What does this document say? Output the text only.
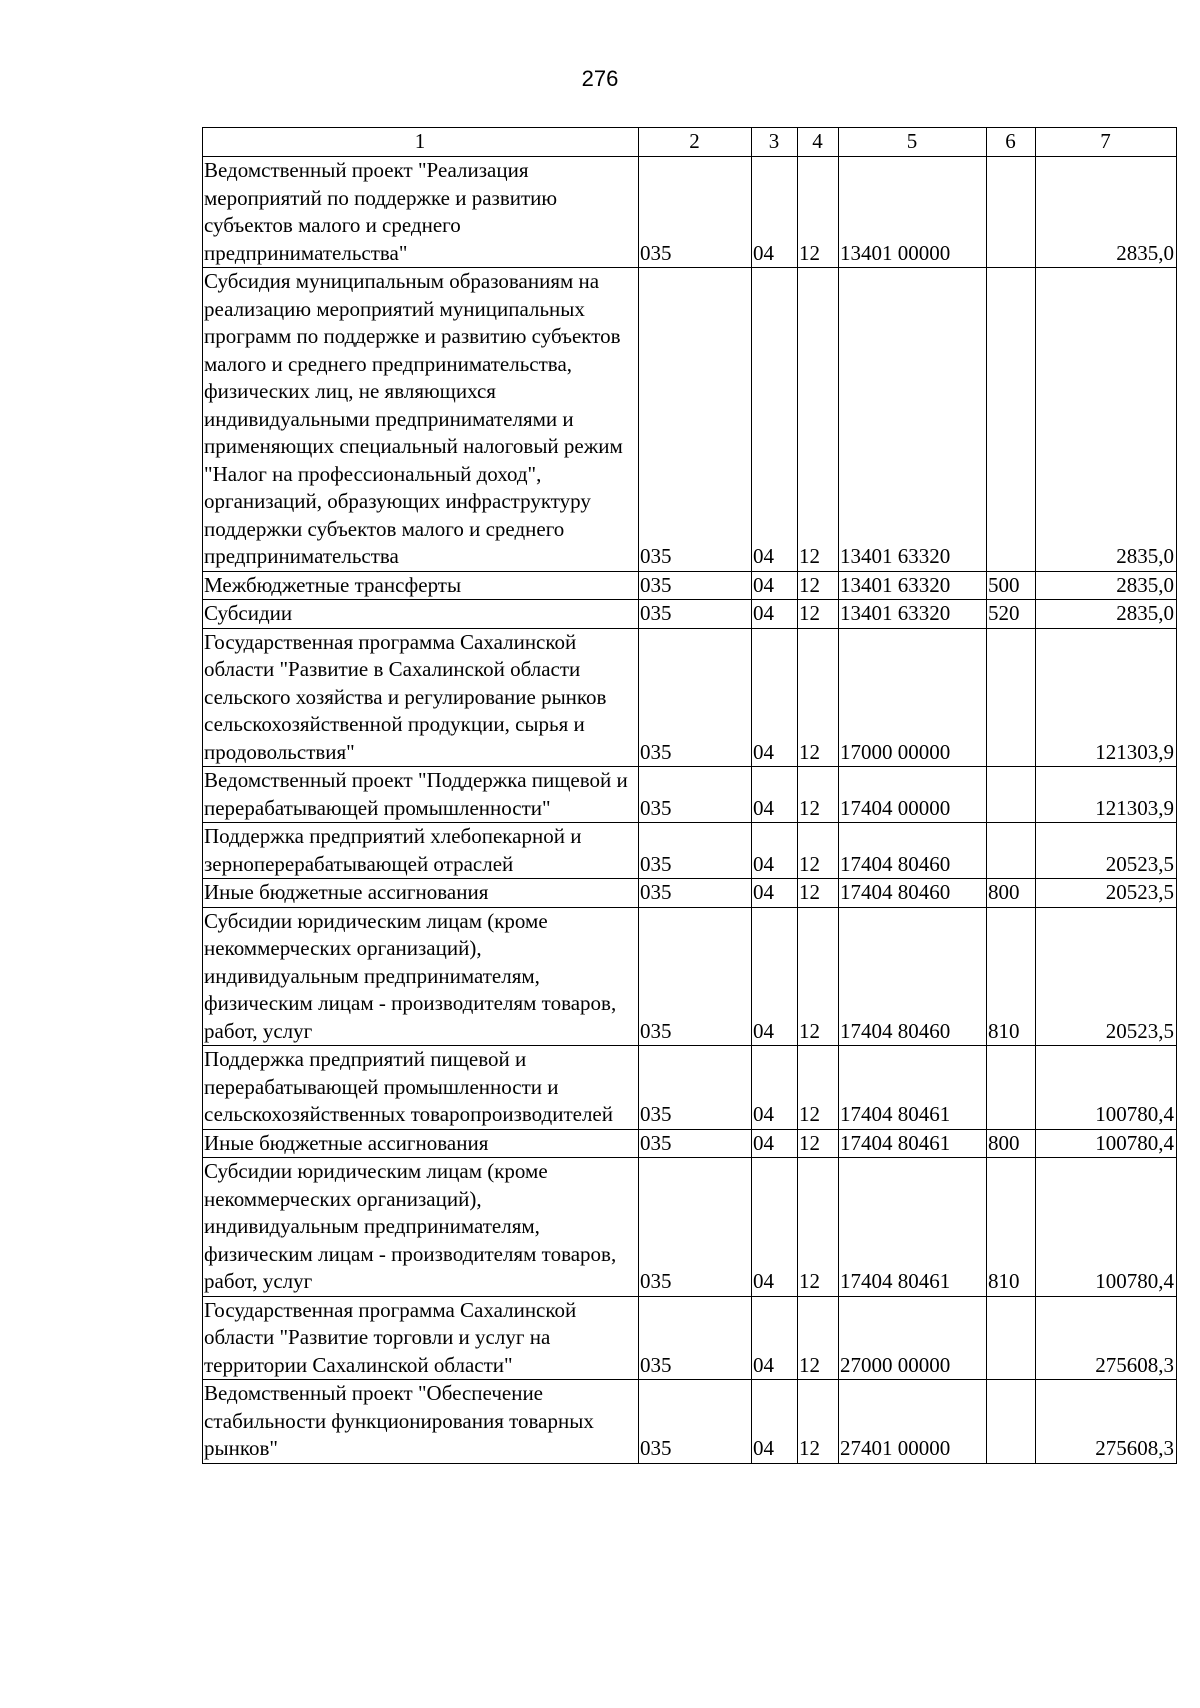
276
1	2	3	4	5	6	7
Ведомственный проект "Реализация мероприятий по поддержке и развитию субъектов малого и среднего предпринимательства"	035	04	12	13401 00000		2835,0
Субсидия муниципальным образованиям на реализацию мероприятий муниципальных программ по поддержке и развитию субъектов малого и среднего предпринимательства, физических лиц, не являющихся индивидуальными предпринимателями и применяющих специальный налоговый режим "Налог на профессиональный доход", организаций, образующих инфраструктуру поддержки субъектов малого и среднего предпринимательства	035	04	12	13401 63320		2835,0
Межбюджетные трансферты	035	04	12	13401 63320	500	2835,0
Субсидии	035	04	12	13401 63320	520	2835,0
Государственная программа Сахалинской области "Развитие в Сахалинской области сельского хозяйства и регулирование рынков сельскохозяйственной продукции, сырья и продовольствия"	035	04	12	17000 00000		121303,9
Ведомственный проект "Поддержка пищевой и перерабатывающей промышленности"	035	04	12	17404 00000		121303,9
Поддержка предприятий хлебопекарной и зерноперерабатывающей отраслей	035	04	12	17404 80460		20523,5
Иные бюджетные ассигнования	035	04	12	17404 80460	800	20523,5
Субсидии юридическим лицам (кроме некоммерческих организаций), индивидуальным предпринимателям, физическим лицам - производителям товаров, работ, услуг	035	04	12	17404 80460	810	20523,5
Поддержка предприятий пищевой и перерабатывающей промышленности и сельскохозяйственных товаропроизводителей	035	04	12	17404 80461		100780,4
Иные бюджетные ассигнования	035	04	12	17404 80461	800	100780,4
Субсидии юридическим лицам (кроме некоммерческих организаций), индивидуальным предпринимателям, физическим лицам - производителям товаров, работ, услуг	035	04	12	17404 80461	810	100780,4
Государственная программа Сахалинской области "Развитие торговли и услуг на территории Сахалинской области"	035	04	12	27000 00000		275608,3
Ведомственный проект "Обеспечение стабильности функционирования товарных рынков"	035	04	12	27401 00000		275608,3
